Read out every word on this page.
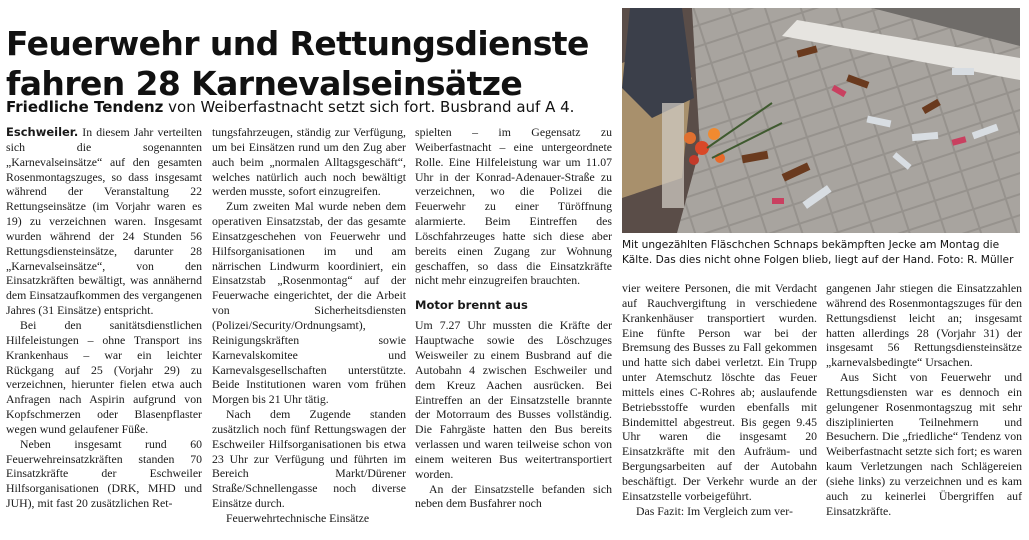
Feuerwehr und Rettungsdienste fahren 28 Karnevalseinsätze
Friedliche Tendenz von Weiberfastnacht setzt sich fort. Busbrand auf A 4.
Mit ungezählten Fläschchen Schnaps bekämpften Jecke am Montag die Kälte. Das dies nicht ohne Folgen blieb, liegt auf der Hand. Foto: R. Müller

Eschweiler. In diesem Jahr verteilten sich die sogenannten „Karnevalseinsätze“ auf den gesamten Rosenmontagszuges, so dass insgesamt während der Veranstaltung 22 Rettungseinsätze (im Vorjahr waren es 19) zu verzeichnen waren. Insgesamt wurden während der 24 Stunden 56 Rettungsdiensteinsätze, darunter 28 „Karnevalseinsätze“, von den Einsatzkräften bewältigt, was annähernd dem Einsatzaufkommen des vergangenen Jahres (31 Einsätze) entspricht.

Bei den sanitätsdienstlichen Hilfeleistungen – ohne Transport ins Krankenhaus – war ein leichter Rückgang auf 25 (Vorjahr 29) zu verzeichnen, hierunter fielen etwa auch Anfragen nach Aspirin aufgrund von Kopfschmerzen oder Blasenpflaster wegen wund gelaufener Füße.

Neben insgesamt rund 60 Feuerwehreinsatzkräften standen 70 Einsatzkräfte der Eschweiler Hilfsorganisationen (DRK, MHD und JUH), mit fast 20 zusätzlichen Ret-

tungsfahrzeugen, ständig zur Verfügung, um bei Einsätzen rund um den Zug aber auch beim „normalen Alltagsgeschäft“, welches natürlich auch noch bewältigt werden musste, sofort einzugreifen.

Zum zweiten Mal wurde neben dem operativen Einsatzstab, der das gesamte Einsatzgeschehen von Feuerwehr und Hilfsorganisationen im und am närrischen Lindwurm koordiniert, ein Einsatzstab „Rosenmontag“ auf der Feuerwache eingerichtet, der die Arbeit von Sicherheitsdiensten (Polizei/Security/Ordnungsamt), Reinigungskräften sowie Karnevalskomitee und Karnevalsgesellschaften unterstützte. Beide Institutionen waren vom frühen Morgen bis 21 Uhr tätig.

Nach dem Zugende standen zusätzlich noch fünf Rettungswagen der Eschweiler Hilfsorganisationen bis etwa 23 Uhr zur Verfügung und führten im Bereich Markt/Dürener Straße/Schnellengasse noch diverse Einsätze durch.

Feuerwehrtechnische Einsätze

spielten – im Gegensatz zu Weiberfastnacht – eine untergeordnete Rolle. Eine Hilfeleistung war um 11.07 Uhr in der Konrad-Adenauer-Straße zu verzeichnen, wo die Polizei die Feuerwehr zu einer Türöffnung alarmierte. Beim Eintreffen des Löschfahrzeuges hatte sich diese aber bereits einen Zugang zur Wohnung geschaffen, so dass die Einsatzkräfte nicht mehr einzugreifen brauchten.

Motor brennt aus

Um 7.27 Uhr mussten die Kräfte der Hauptwache sowie des Löschzuges Weisweiler zu einem Busbrand auf die Autobahn 4 zwischen Eschweiler und dem Kreuz Aachen ausrücken. Bei Eintreffen an der Einsatzstelle brannte der Motorraum des Busses vollständig. Die Fahrgäste hatten den Bus bereits verlassen und waren teilweise schon von einem weiteren Bus weitertransportiert worden.

An der Einsatzstelle befanden sich neben dem Busfahrer noch

vier weitere Personen, die mit Verdacht auf Rauchvergiftung in verschiedene Krankenhäuser transportiert wurden. Eine fünfte Person war bei der Bremsung des Busses zu Fall gekommen und hatte sich dabei verletzt. Ein Trupp unter Atemschutz löschte das Feuer mittels eines C-Rohres ab; auslaufende Betriebsstoffe wurden ebenfalls mit Bindemittel abgestreut. Bis gegen 9.45 Uhr waren die insgesamt 20 Einsatzkräfte mit den Aufräum- und Bergungsarbeiten auf der Autobahn beschäftigt. Der Verkehr wurde an der Einsatzstelle vorbeigeführt.

Das Fazit: Im Vergleich zum ver-

gangenen Jahr stiegen die Einsatzzahlen während des Rosenmontagszuges für den Rettungsdienst leicht an; insgesamt hatten allerdings 28 (Vorjahr 31) der insgesamt 56 Rettungsdiensteinsätze „karnevalsbedingte“ Ursachen.

Aus Sicht von Feuerwehr und Rettungsdiensten war es dennoch ein gelungener Rosenmontagszug mit sehr disziplinierten Teilnehmern und Besuchern. Die „friedliche“ Tendenz von Weiberfastnacht setzte sich fort; es waren kaum Verletzungen nach Schlägereien (siehe links) zu verzeichnen und es kam auch zu keinerlei Übergriffen auf Einsatzkräfte.
